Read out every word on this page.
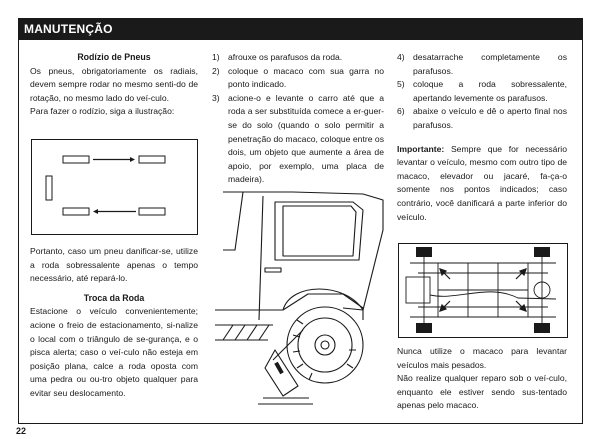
MANUTENÇÃO

Rodízio de Pneus

Os pneus, obrigatoriamente os radiais, devem sempre rodar no mesmo senti-do de rotação, no mesmo lado do veí-culo.

Para fazer o rodízio, siga a ilustração:

Portanto, caso um pneu danificar-se, utilize a roda sobressalente apenas o tempo necessário, até repará-lo.

Troca da Roda

Estacione o veículo convenientemente; acione o freio de estacionamento, si-nalize o local com o triângulo de se-gurança, e o pisca alerta; caso o veí-culo não esteja em posição plana, calce a roda oposta com uma pedra ou ou-tro objeto qualquer para evitar seu deslocamento.

1) afrouxe os parafusos da roda.
2) coloque o macaco com sua garra no ponto indicado.
3) acione-o e levante o carro até que a roda a ser substituída comece a er-guer-se do solo (quando o solo permitir a penetração do macaco, coloque entre os dois, um objeto que aumente a área de apoio, por exemplo, uma placa de madeira).
4) desatarrache completamente os parafusos.
5) coloque a roda sobressalente, apertando levemente os parafusos.
6) abaixe o veículo e dê o aperto final nos parafusos.

Importante: Sempre que for necessário levantar o veículo, mesmo com outro tipo de macaco, elevador ou jacaré, fa-ça-o somente nos pontos indicados; caso contrário, você danificará a parte inferior do veículo.

Nunca utilize o macaco para levantar veículos mais pesados.

Não realize qualquer reparo sob o veí-culo, enquanto ele estiver sendo sus-tentado apenas pelo macaco.

22
